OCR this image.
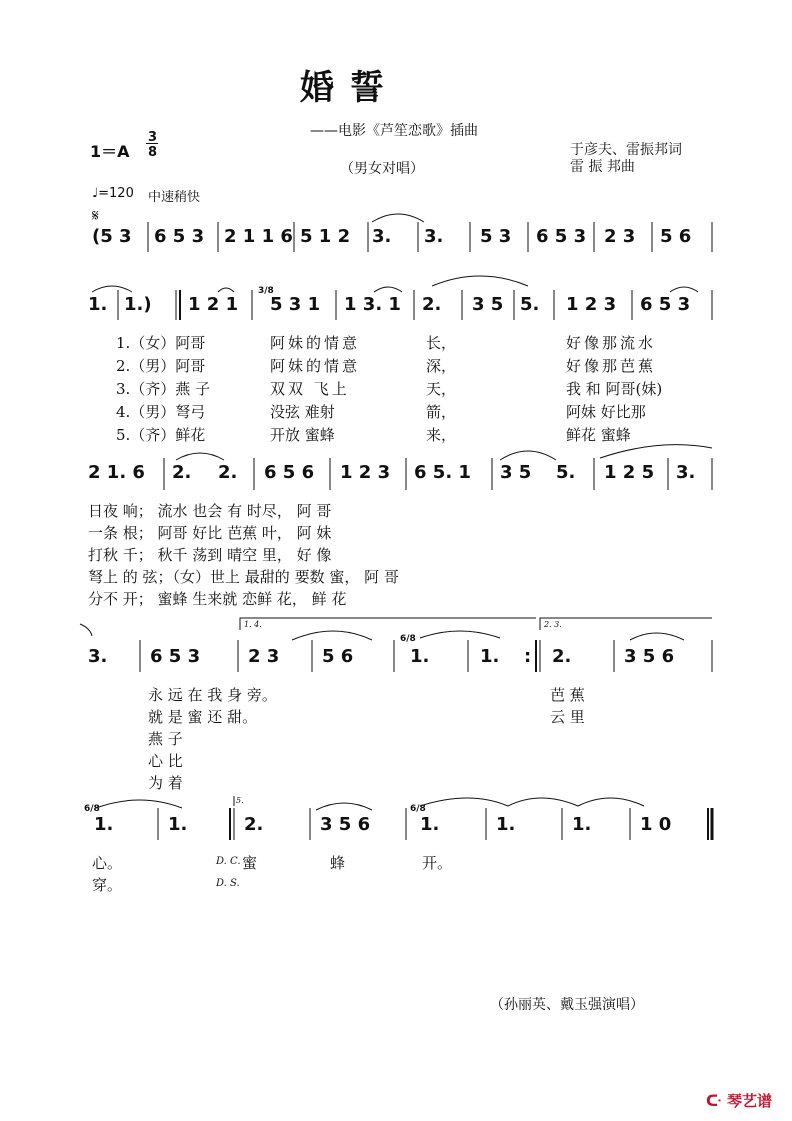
婚 誓
——电影《芦笙恋歌》插曲
1＝A
3
8	于彦夫、雷振邦词
雷 振 邦曲
（男女对唱）
♩=120 中速稍快
𝄋
(5 3 6 5 3 2 1 1 6 5 1 2 3. 3. 5 3 6 5 3 2 3 5 6
1. 1.) 1 2 1
3/8
5 3 1 1 3. 1 2. 3 5 5. 1 2 3 6 5 3
1.（女）阿哥	阿妹的情意	长，	好像那流水
2.（男）阿哥	阿妹的情意	深，	好像那芭蕉
3.（齐）燕 子	双双 飞上	天，	我 和 阿哥(妹)
4.（男）弩弓	没弦 难射	箭，	阿妹 好比那
5.（齐）鲜花	开放 蜜蜂	来，	鲜花 蜜蜂
2 1. 6 2. 2. 6 5 6 1 2 3 6 5. 1 3 5 5. 1 2 5 3.
日夜 响； 流水 也会 有 时尽， 阿 哥
一条 根； 阿哥 好比 芭蕉 叶， 阿 妹
打秋 千； 秋千 荡到 晴空 里， 好 像
弩上 的 弦；（女）世上 最甜的 要数 蜜， 阿 哥
分不 开； 蜜蜂 生来就 恋鲜 花， 鲜 花
1. 4.	2. 3.
3. 6 5 3	2 3 5 6
6/8
1.	1. : 2.	3 5 6
永 远 在 我 身 旁。
就 是 蜜 还 甜。
燕 子
心 比
为 着
芭 蕉
云 里
6/8
1.	1.
5.
2.	3 5 6
6/8
1.	1.	1.	1 0
心。
穿。
D. C. 蜜	蜂	开。
D. S.
（孙丽英、戴玉强演唱）
ᑢ 琴艺谱
